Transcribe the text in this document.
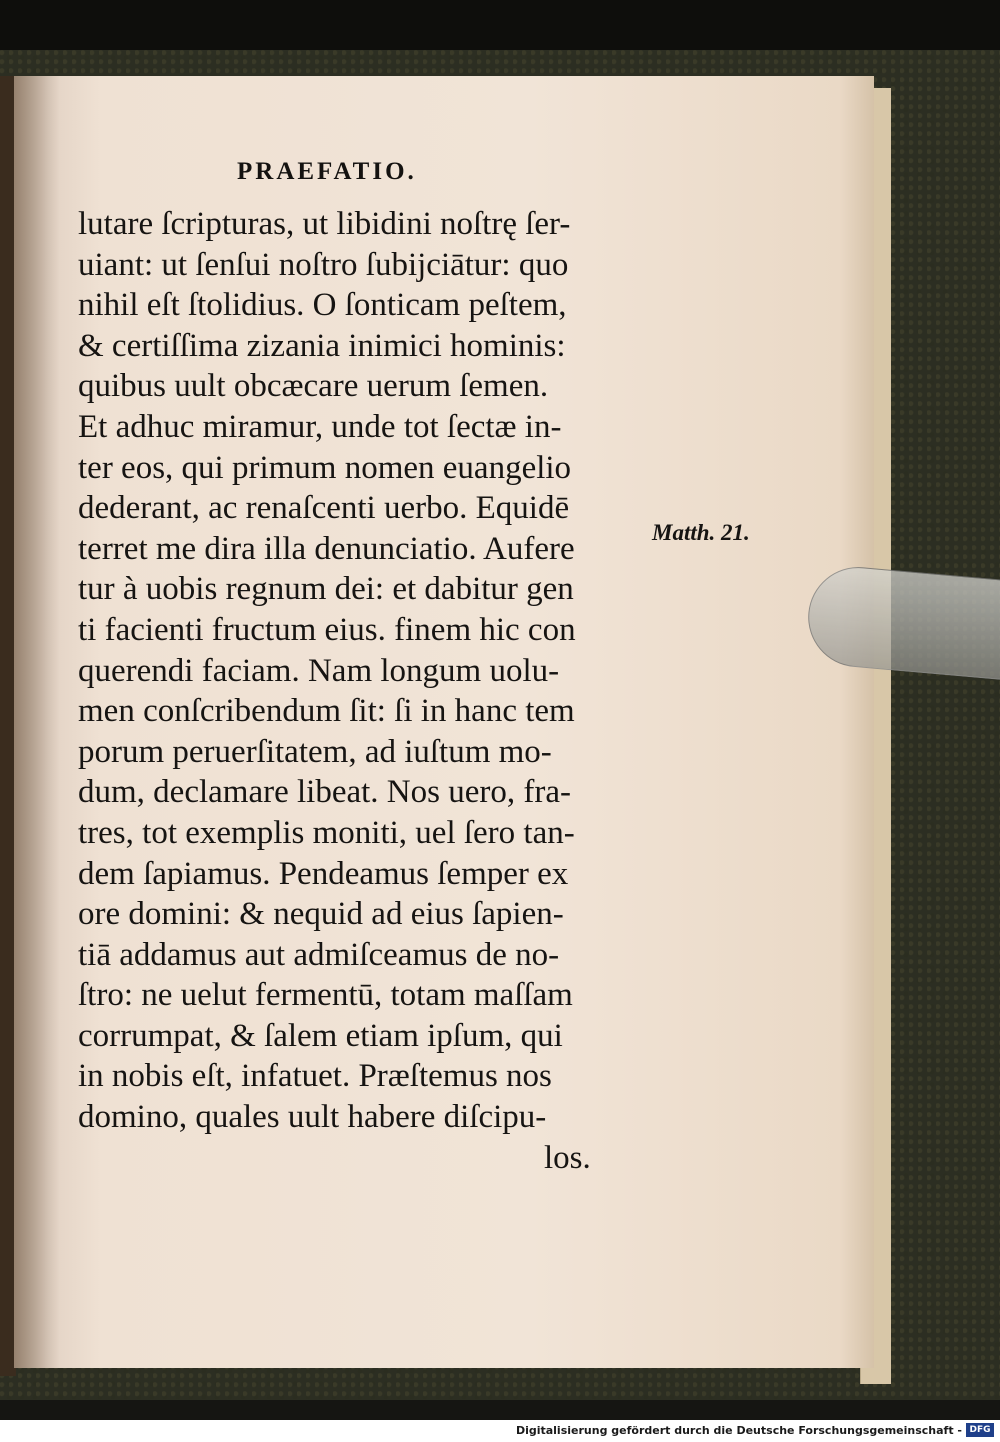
PRAEFATIO.
lutare ſcripturas, ut libidini noſtrę ſer-
uiant: ut ſenſui noſtro ſubijciātur: quo
nihil eſt ſtolidius. O ſonticam peſtem,
& certiſſima zizania inimici hominis:
quibus uult obcæcare uerum ſemen.
Et adhuc miramur, unde tot ſectæ in-
ter eos, qui primum nomen euangelio
dederant, ac renaſcenti uerbo. Equidē
terret me dira illa denunciatio. Aufere
tur à uobis regnum dei: et dabitur gen
ti facienti fructum eius. finem hic con
querendi faciam. Nam longum uolu-
men conſcribendum ſit: ſi in hanc tem
porum peruerſitatem, ad iuſtum mo-
dum, declamare libeat. Nos uero, fra-
tres, tot exemplis moniti, uel ſero tan-
dem ſapiamus. Pendeamus ſemper ex
ore domini: & nequid ad eius ſapien-
tiā addamus aut admiſceamus de no-
ſtro: ne uelut fermentū, totam maſſam
corrumpat, & ſalem etiam ipſum, qui
in nobis eſt, infatuet. Præſtemus nos
domino, quales uult habere diſcipu-
los.
Matth. 21.
Digitalisierung gefördert durch die Deutsche Forschungsgemeinschaft - DFG
